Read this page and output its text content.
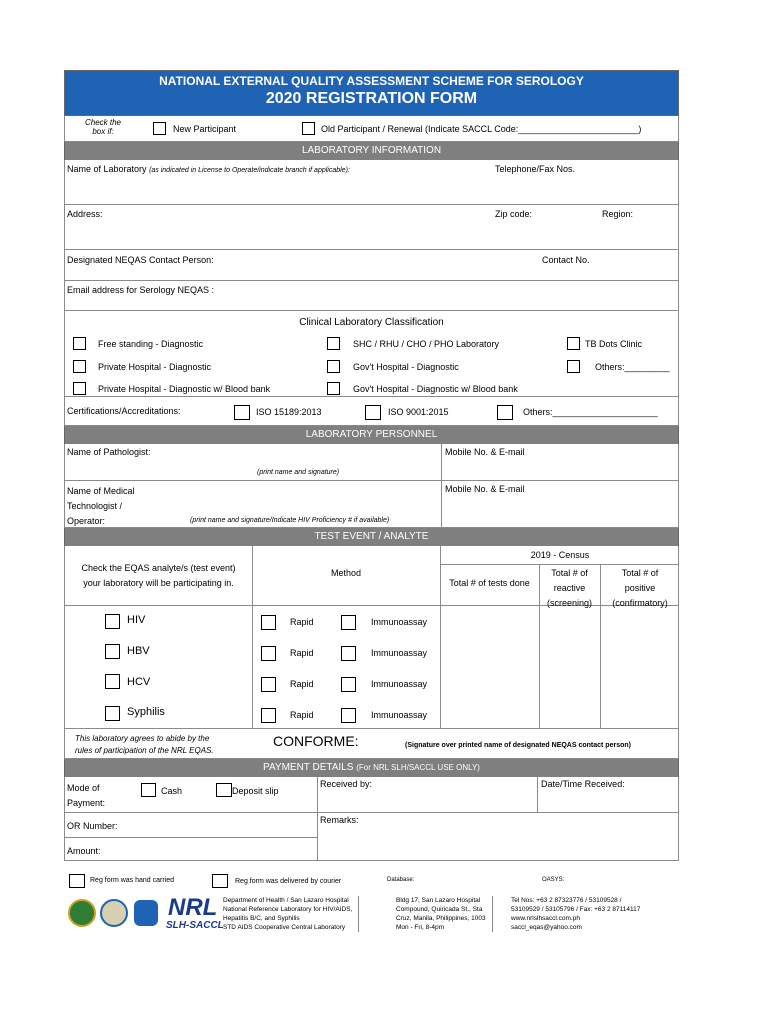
NATIONAL EXTERNAL QUALITY ASSESSMENT SCHEME FOR SEROLOGY
2020 REGISTRATION FORM
Check the
box if:	New Participant	Old Participant / Renewal (Indicate SACCL Code:________________________)
LABORATORY INFORMATION
Name of Laboratory (as indicated in License to Operate/indicate branch if applicable):	Telephone/Fax Nos.
Address:	Zip code:	Region:
Designated NEQAS Contact Person:	Contact No.
Email address for Serology NEQAS :
Clinical Laboratory Classification
Free standing - Diagnostic	SHC / RHU / CHO / PHO Laboratory	TB Dots Clinic
Private Hospital - Diagnostic	Gov't Hospital - Diagnostic	Others:_________
Private Hospital - Diagnostic w/ Blood bank	Gov't Hospital - Diagnostic w/ Blood bank
Certifications/Accreditations:	ISO 15189:2013	ISO 9001:2015	Others:_____________________
LABORATORY PERSONNEL
Name of Pathologist:
(print name and signature)
Mobile No. & E-mail
Name of Medical
Technologist /
Operator:	(print name and signature/Indicate HIV Proficiency # if available)
Mobile No. & E-mail
TEST EVENT / ANALYTE
Check the EQAS analyte/s (test event)
your laboratory will be participating in.
Method
2019 - Census
Total # of tests done
Total # of
reactive
(screening)
Total # of
positive
(confirmatory)
HIV	Rapid	Immunoassay
HBV	Rapid	Immunoassay
HCV	Rapid	Immunoassay
Syphilis	Rapid	Immunoassay
This laboratory agrees to abide by the
rules of participation of the NRL EQAS.
CONFORME:	(Signature over printed name of designated NEQAS contact person)
PAYMENT DETAILS (For NRL SLH/SACCL USE ONLY)
Mode of
Payment:
Cash	Deposit slip
Received by:	Date/Time Received:
OR Number:
Amount:
Remarks:
Reg form was hand carried	Reg form was delivered by courier	Database:	OASYS:
NRL
SLH-SACCL
Department of Health / San Lazaro Hospital
National Reference Laboratory for HIV/AIDS,
Hepatitis B/C, and Syphilis
STD AIDS Cooperative Central Laboratory
Bldg 17, San Lazaro Hospital
Compound, Quiricada St., Sta
Cruz, Manila, Philippines, 1003
Mon - Fri, 8-4pm
Tel Nos: +63 2 87323776 / 53109528 /
53109529 / 53105796 / Fax: +63 2 87114117
www.nrlslhsaccl.com.ph
saccl_eqas@yahoo.com
